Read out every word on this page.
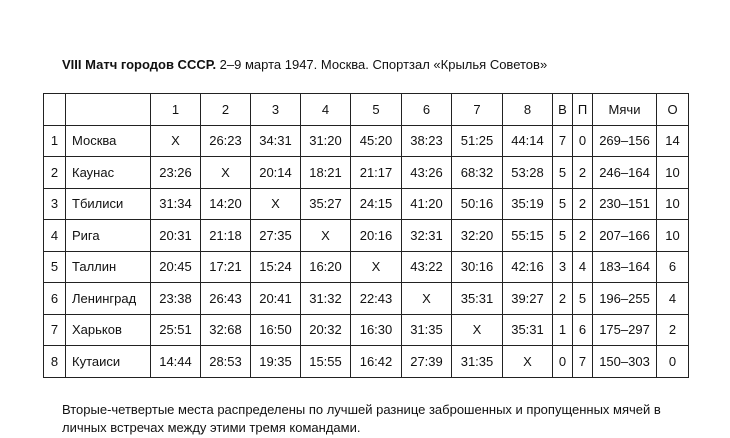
VIII Матч городов СССР. 2–9 марта 1947. Москва. Спортзал «Крылья Советов»
		1	2	3	4	5	6	7	8	В	П	Мячи	О
1	Москва	X	26:23	34:31	31:20	45:20	38:23	51:25	44:14	7	0	269–156	14
2	Каунас	23:26	X	20:14	18:21	21:17	43:26	68:32	53:28	5	2	246–164	10
3	Тбилиси	31:34	14:20	X	35:27	24:15	41:20	50:16	35:19	5	2	230–151	10
4	Рига	20:31	21:18	27:35	X	20:16	32:31	32:20	55:15	5	2	207–166	10
5	Таллин	20:45	17:21	15:24	16:20	X	43:22	30:16	42:16	3	4	183–164	6
6	Ленинград	23:38	26:43	20:41	31:32	22:43	X	35:31	39:27	2	5	196–255	4
7	Харьков	25:51	32:68	16:50	20:32	16:30	31:35	X	35:31	1	6	175–297	2
8	Кутаиси	14:44	28:53	19:35	15:55	16:42	27:39	31:35	X	0	7	150–303	0
Вторые-четвертые места распределены по лучшей разнице заброшенных и пропущенных мячей в личных встречах между этими тремя командами.
